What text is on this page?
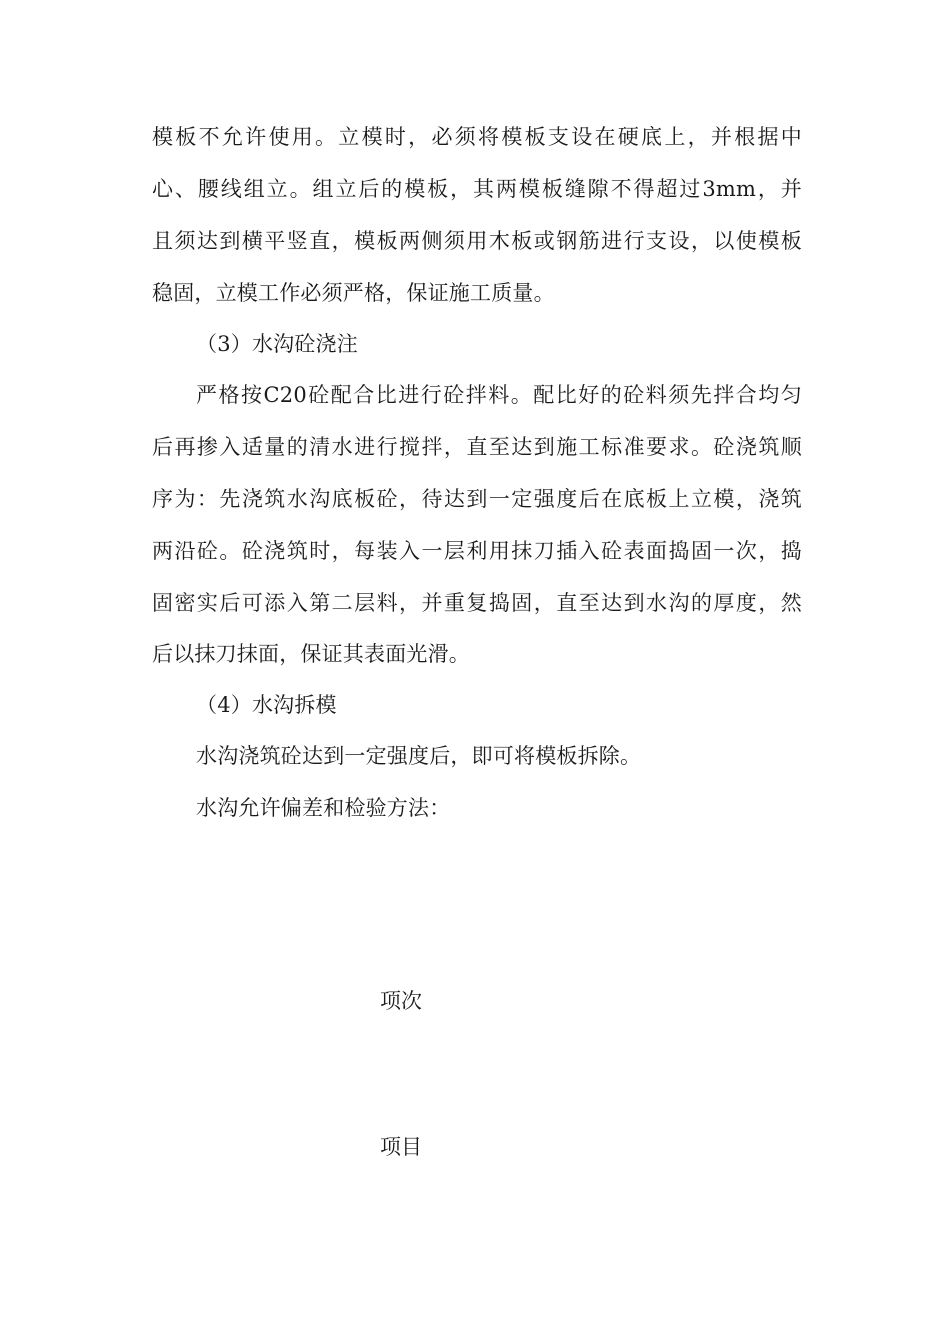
模板不允许使用。立模时，必须将模板支设在硬底上，并根据中
心、腰线组立。组立后的模板，其两模板缝隙不得超过3mm，并
且须达到横平竖直，模板两侧须用木板或钢筋进行支设，以使模板
稳固，立模工作必须严格，保证施工质量。
（3）水沟砼浇注
严格按C20砼配合比进行砼拌料。配比好的砼料须先拌合均匀
后再掺入适量的清水进行搅拌，直至达到施工标准要求。砼浇筑顺
序为：先浇筑水沟底板砼，待达到一定强度后在底板上立模，浇筑
两沿砼。砼浇筑时，每装入一层利用抹刀插入砼表面捣固一次，捣
固密实后可添入第二层料，并重复捣固，直至达到水沟的厚度，然
后以抹刀抹面，保证其表面光滑。
（4）水沟拆模
水沟浇筑砼达到一定强度后，即可将模板拆除。
水沟允许偏差和检验方法：
项次
项目
